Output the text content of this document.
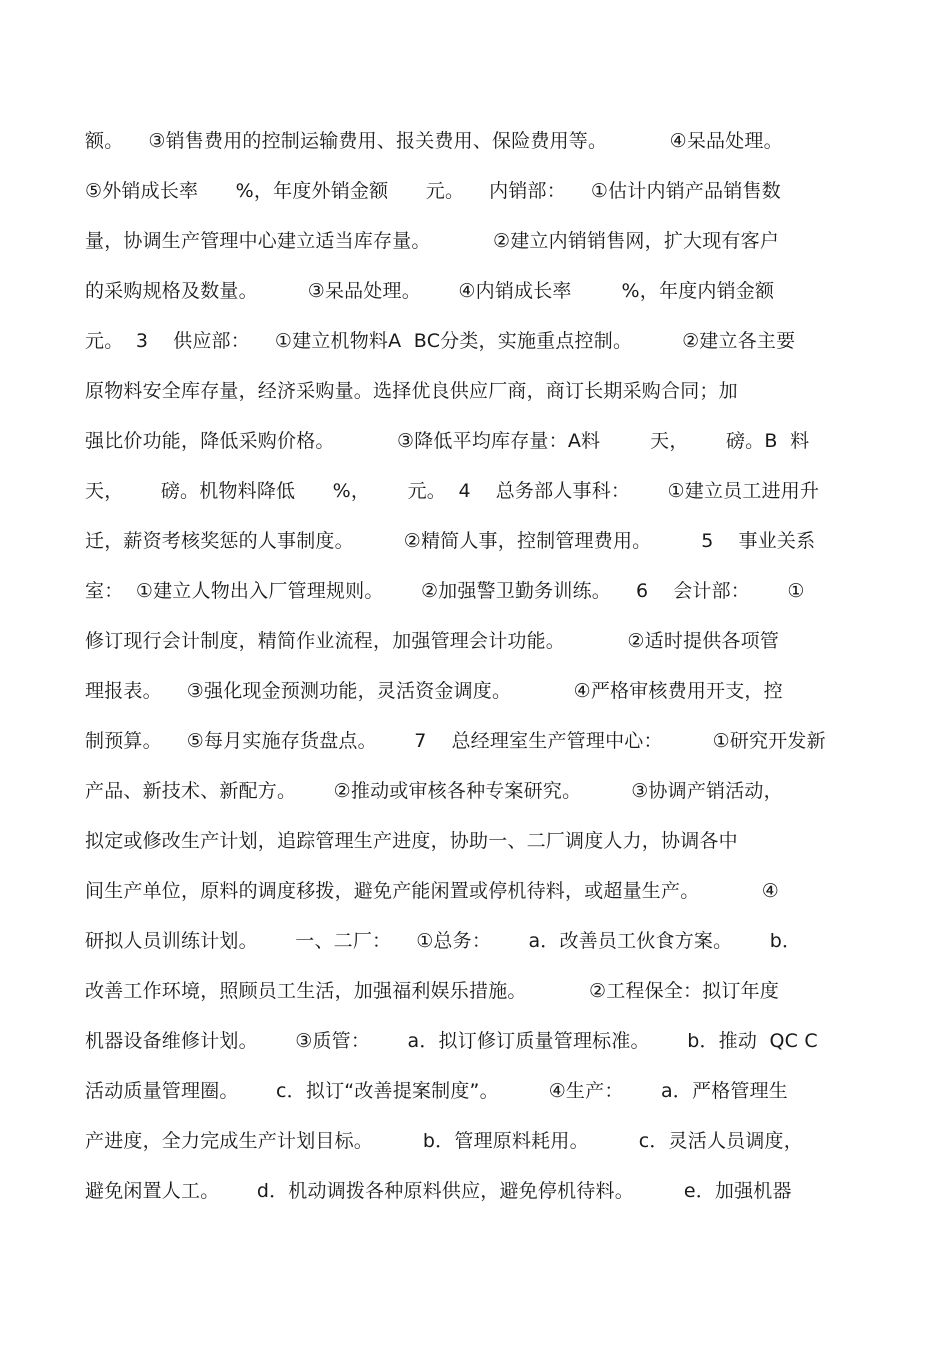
额。    ③销售费用的控制运输费用、报关费用、保险费用等。          ④呆品处理。
⑤外销成长率      %，年度外销金额      元。    内销部：    ①估计内销产品销售数
量，协调生产管理中心建立适当库存量。          ②建立内销销售网，扩大现有客户
的采购规格及数量。        ③呆品处理。      ④内销成长率        %，年度内销金额
元。  3    供应部：    ①建立机物料A  BC分类，实施重点控制。        ②建立各主要
原物料安全库存量，经济采购量。选择优良供应厂商，商订长期采购合同；加
强比价功能，降低采购价格。          ③降低平均库存量：A料        天，      磅。B  料
天，      磅。机物料降低      %，      元。  4    总务部人事科：      ①建立员工进用升
迁，薪资考核奖惩的人事制度。        ②精简人事，控制管理费用。        5    事业关系
室：  ①建立人物出入厂管理规则。      ②加强警卫勤务训练。    6    会计部：      ①
修订现行会计制度，精简作业流程，加强管理会计功能。          ②适时提供各项管
理报表。    ③强化现金预测功能，灵活资金调度。          ④严格审核费用开支，控
制预算。    ⑤每月实施存货盘点。      7    总经理室生产管理中心：        ①研究开发新
产品、新技术、新配方。      ②推动或审核各种专案研究。        ③协调产销活动，
拟定或修改生产计划，追踪管理生产进度，协助一、二厂调度人力，协调各中
间生产单位，原料的调度移拨，避免产能闲置或停机待料，或超量生产。          ④
研拟人员训练计划。      一、二厂：    ①总务：      a．改善员工伙食方案。      b．
改善工作环境，照顾员工生活，加强福利娱乐措施。          ②工程保全：拟订年度
机器设备维修计划。      ③质管：      a．拟订修订质量管理标准。      b．推动  QC C
活动质量管理圈。      c．拟订“改善提案制度”。        ④生产：      a．严格管理生
产进度，全力完成生产计划目标。        b．管理原料耗用。        c．灵活人员调度，
避免闲置人工。      d．机动调拨各种原料供应，避免停机待料。        e．加强机器
